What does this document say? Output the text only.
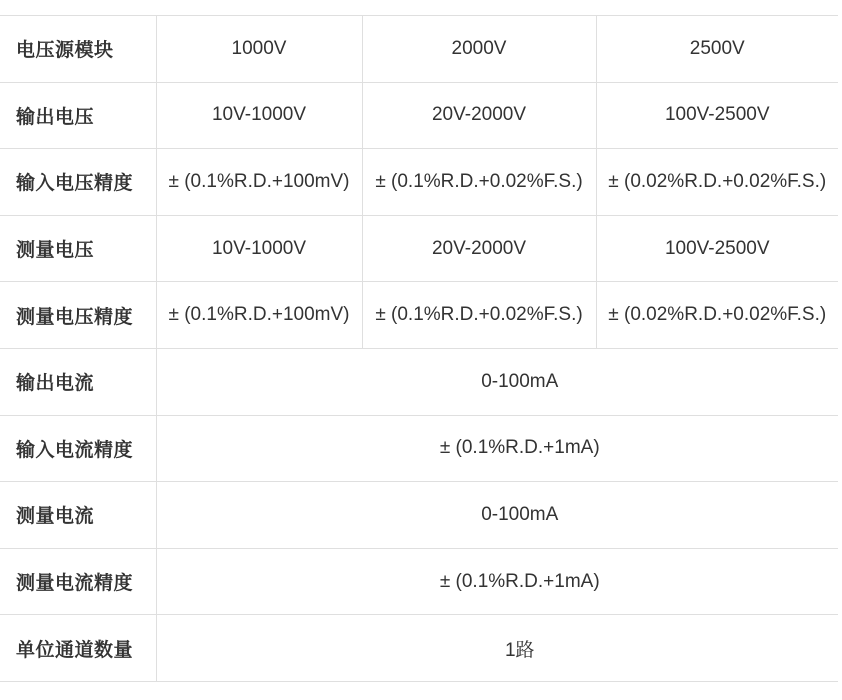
电压源模块	1000V	2000V	2500V
输出电压	10V-1000V	20V-2000V	100V-2500V
输入电压精度	± (0.1%R.D.+100mV)	± (0.1%R.D.+0.02%F.S.)	± (0.02%R.D.+0.02%F.S.)
测量电压	10V-1000V	20V-2000V	100V-2500V
测量电压精度	± (0.1%R.D.+100mV)	± (0.1%R.D.+0.02%F.S.)	± (0.02%R.D.+0.02%F.S.)
输出电流	0-100mA		
输入电流精度	± (0.1%R.D.+1mA)		
测量电流	0-100mA		
测量电流精度	± (0.1%R.D.+1mA)		
单位通道数量	1路		
